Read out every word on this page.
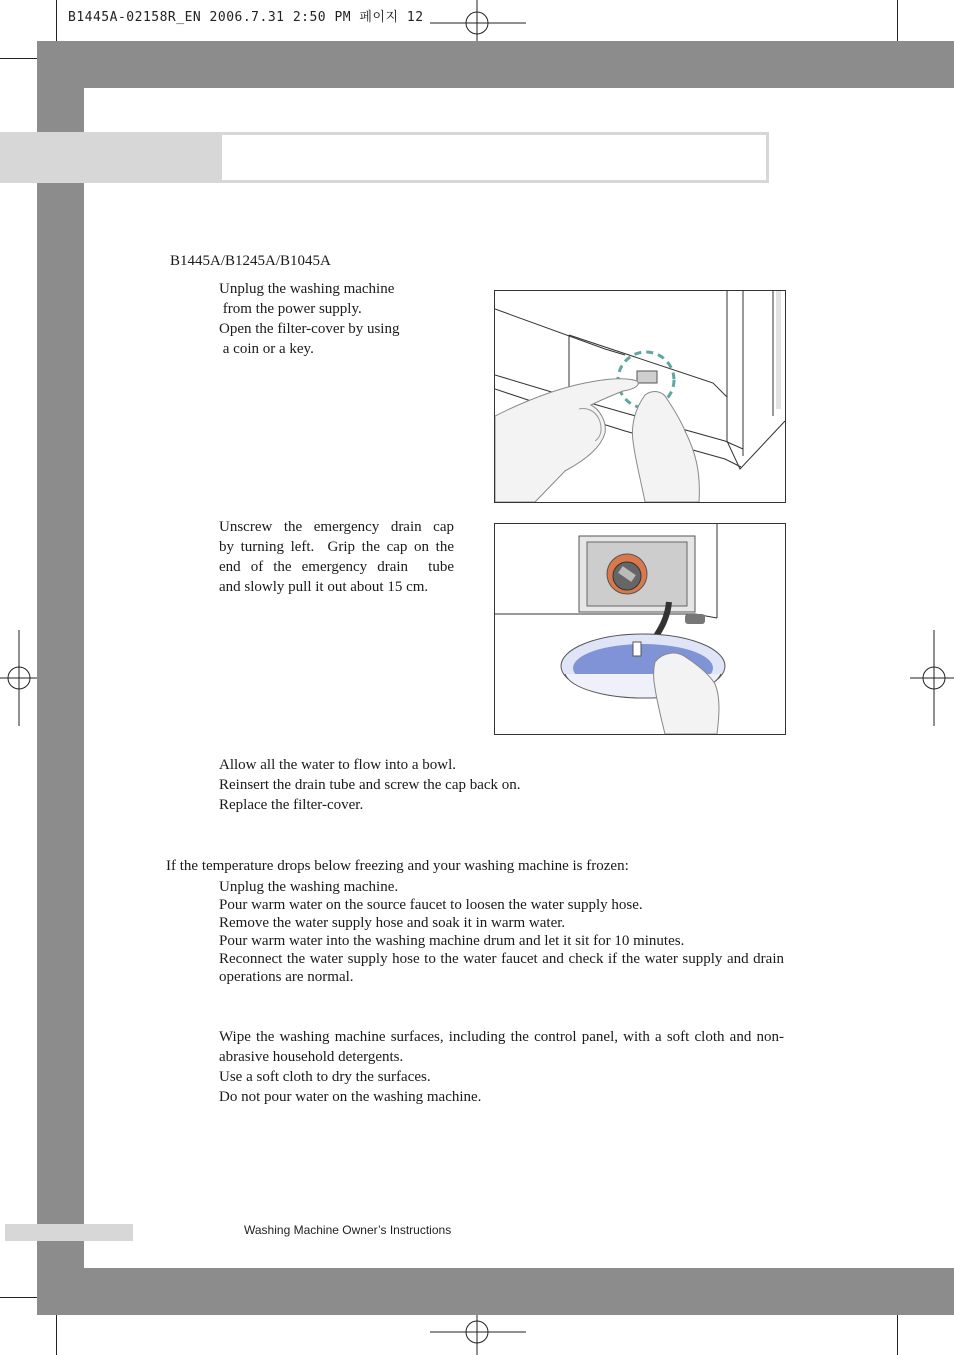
B1445A-02158R_EN 2006.7.31 2:50 PM 페이지 12
B1445A/B1245A/B1045A
Unplug the washing machine
from the power supply.
Open the filter-cover by using
a coin or a key.
Unscrew the emergency drain cap
by turning left.  Grip the cap on the
end of the emergency drain  tube
and slowly pull it out about 15 cm.
Allow all the water to flow into a bowl.
Reinsert the drain tube and screw the cap back on.
Replace the filter-cover.
If the temperature drops below freezing and your washing machine is frozen:
Unplug the washing machine.
Pour warm water on the source faucet to loosen the water supply hose.
Remove the water supply hose and soak it in warm water.
Pour warm water into the washing machine drum and let it sit for 10 minutes.
Reconnect the water supply hose to the water faucet and check if the water supply and drain operations are normal.
Wipe the washing machine surfaces, including the control panel, with a soft cloth and non-abrasive household detergents.
Use a soft cloth to dry the surfaces.
Do not pour water on the washing machine.
Washing Machine Owner’s Instructions
